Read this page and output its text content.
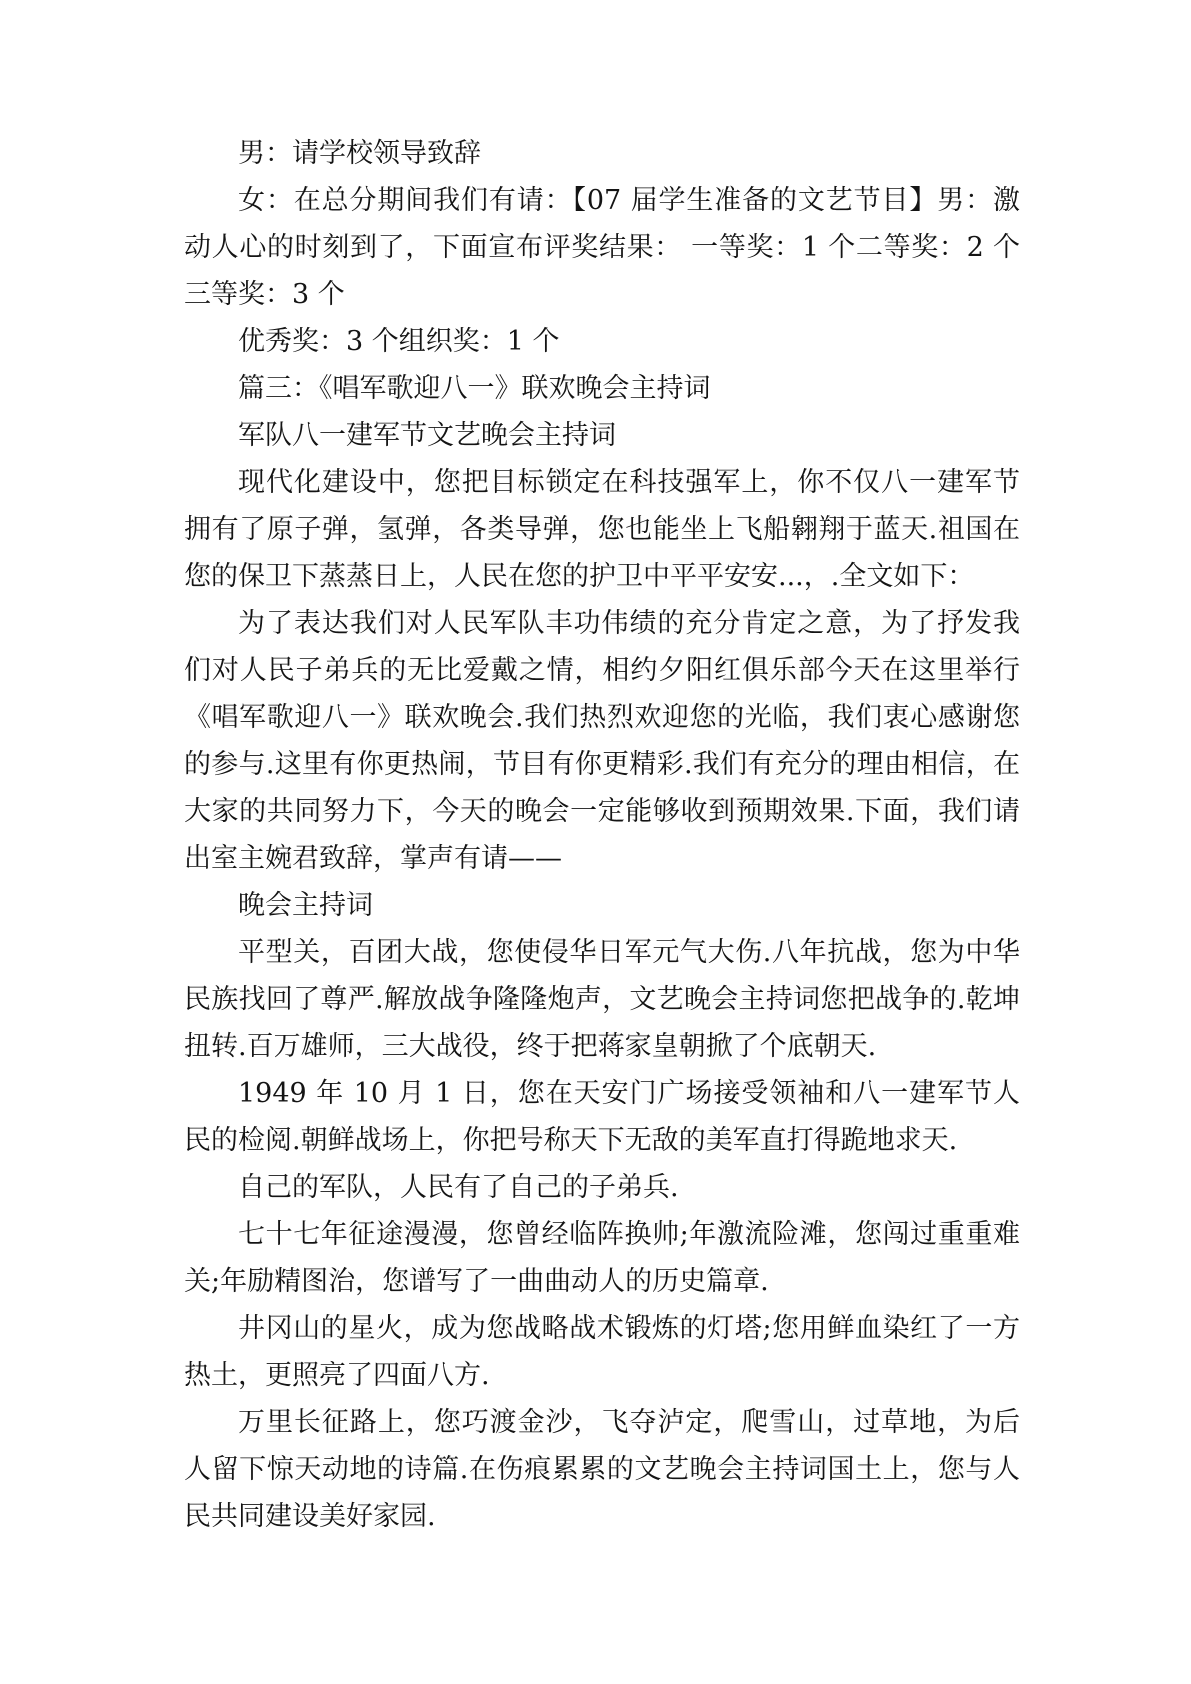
男：请学校领导致辞

女：在总分期间我们有请：【07 届学生准备的文艺节目】男：激动人心的时刻到了，下面宣布评奖结果： 一等奖：1 个二等奖：2 个三等奖：3 个

优秀奖：3 个组织奖：1 个

篇三：《唱军歌迎八一》联欢晚会主持词

军队八一建军节文艺晚会主持词

现代化建设中，您把目标锁定在科技强军上，你不仅八一建军节拥有了原子弹，氢弹，各类导弹，您也能坐上飞船翱翔于蓝天.祖国在您的保卫下蒸蒸日上，人民在您的护卫中平平安安...，.全文如下：

为了表达我们对人民军队丰功伟绩的充分肯定之意，为了抒发我们对人民子弟兵的无比爱戴之情，相约夕阳红俱乐部今天在这里举行《唱军歌迎八一》联欢晚会.我们热烈欢迎您的光临，我们衷心感谢您的参与.这里有你更热闹，节目有你更精彩.我们有充分的理由相信，在大家的共同努力下，今天的晚会一定能够收到预期效果.下面，我们请出室主婉君致辞，掌声有请——

晚会主持词

平型关，百团大战，您使侵华日军元气大伤.八年抗战，您为中华民族找回了尊严.解放战争隆隆炮声，文艺晚会主持词您把战争的.乾坤扭转.百万雄师，三大战役，终于把蒋家皇朝掀了个底朝天.

1949 年 10 月 1 日，您在天安门广场接受领袖和八一建军节人民的检阅.朝鲜战场上，你把号称天下无敌的美军直打得跪地求天.

自己的军队，人民有了自己的子弟兵.

七十七年征途漫漫，您曾经临阵换帅;年激流险滩，您闯过重重难关;年励精图治，您谱写了一曲曲动人的历史篇章.

井冈山的星火，成为您战略战术锻炼的灯塔;您用鲜血染红了一方热土，更照亮了四面八方.

万里长征路上，您巧渡金沙，飞夺泸定，爬雪山，过草地，为后人留下惊天动地的诗篇.在伤痕累累的文艺晚会主持词国土上，您与人民共同建设美好家园.
